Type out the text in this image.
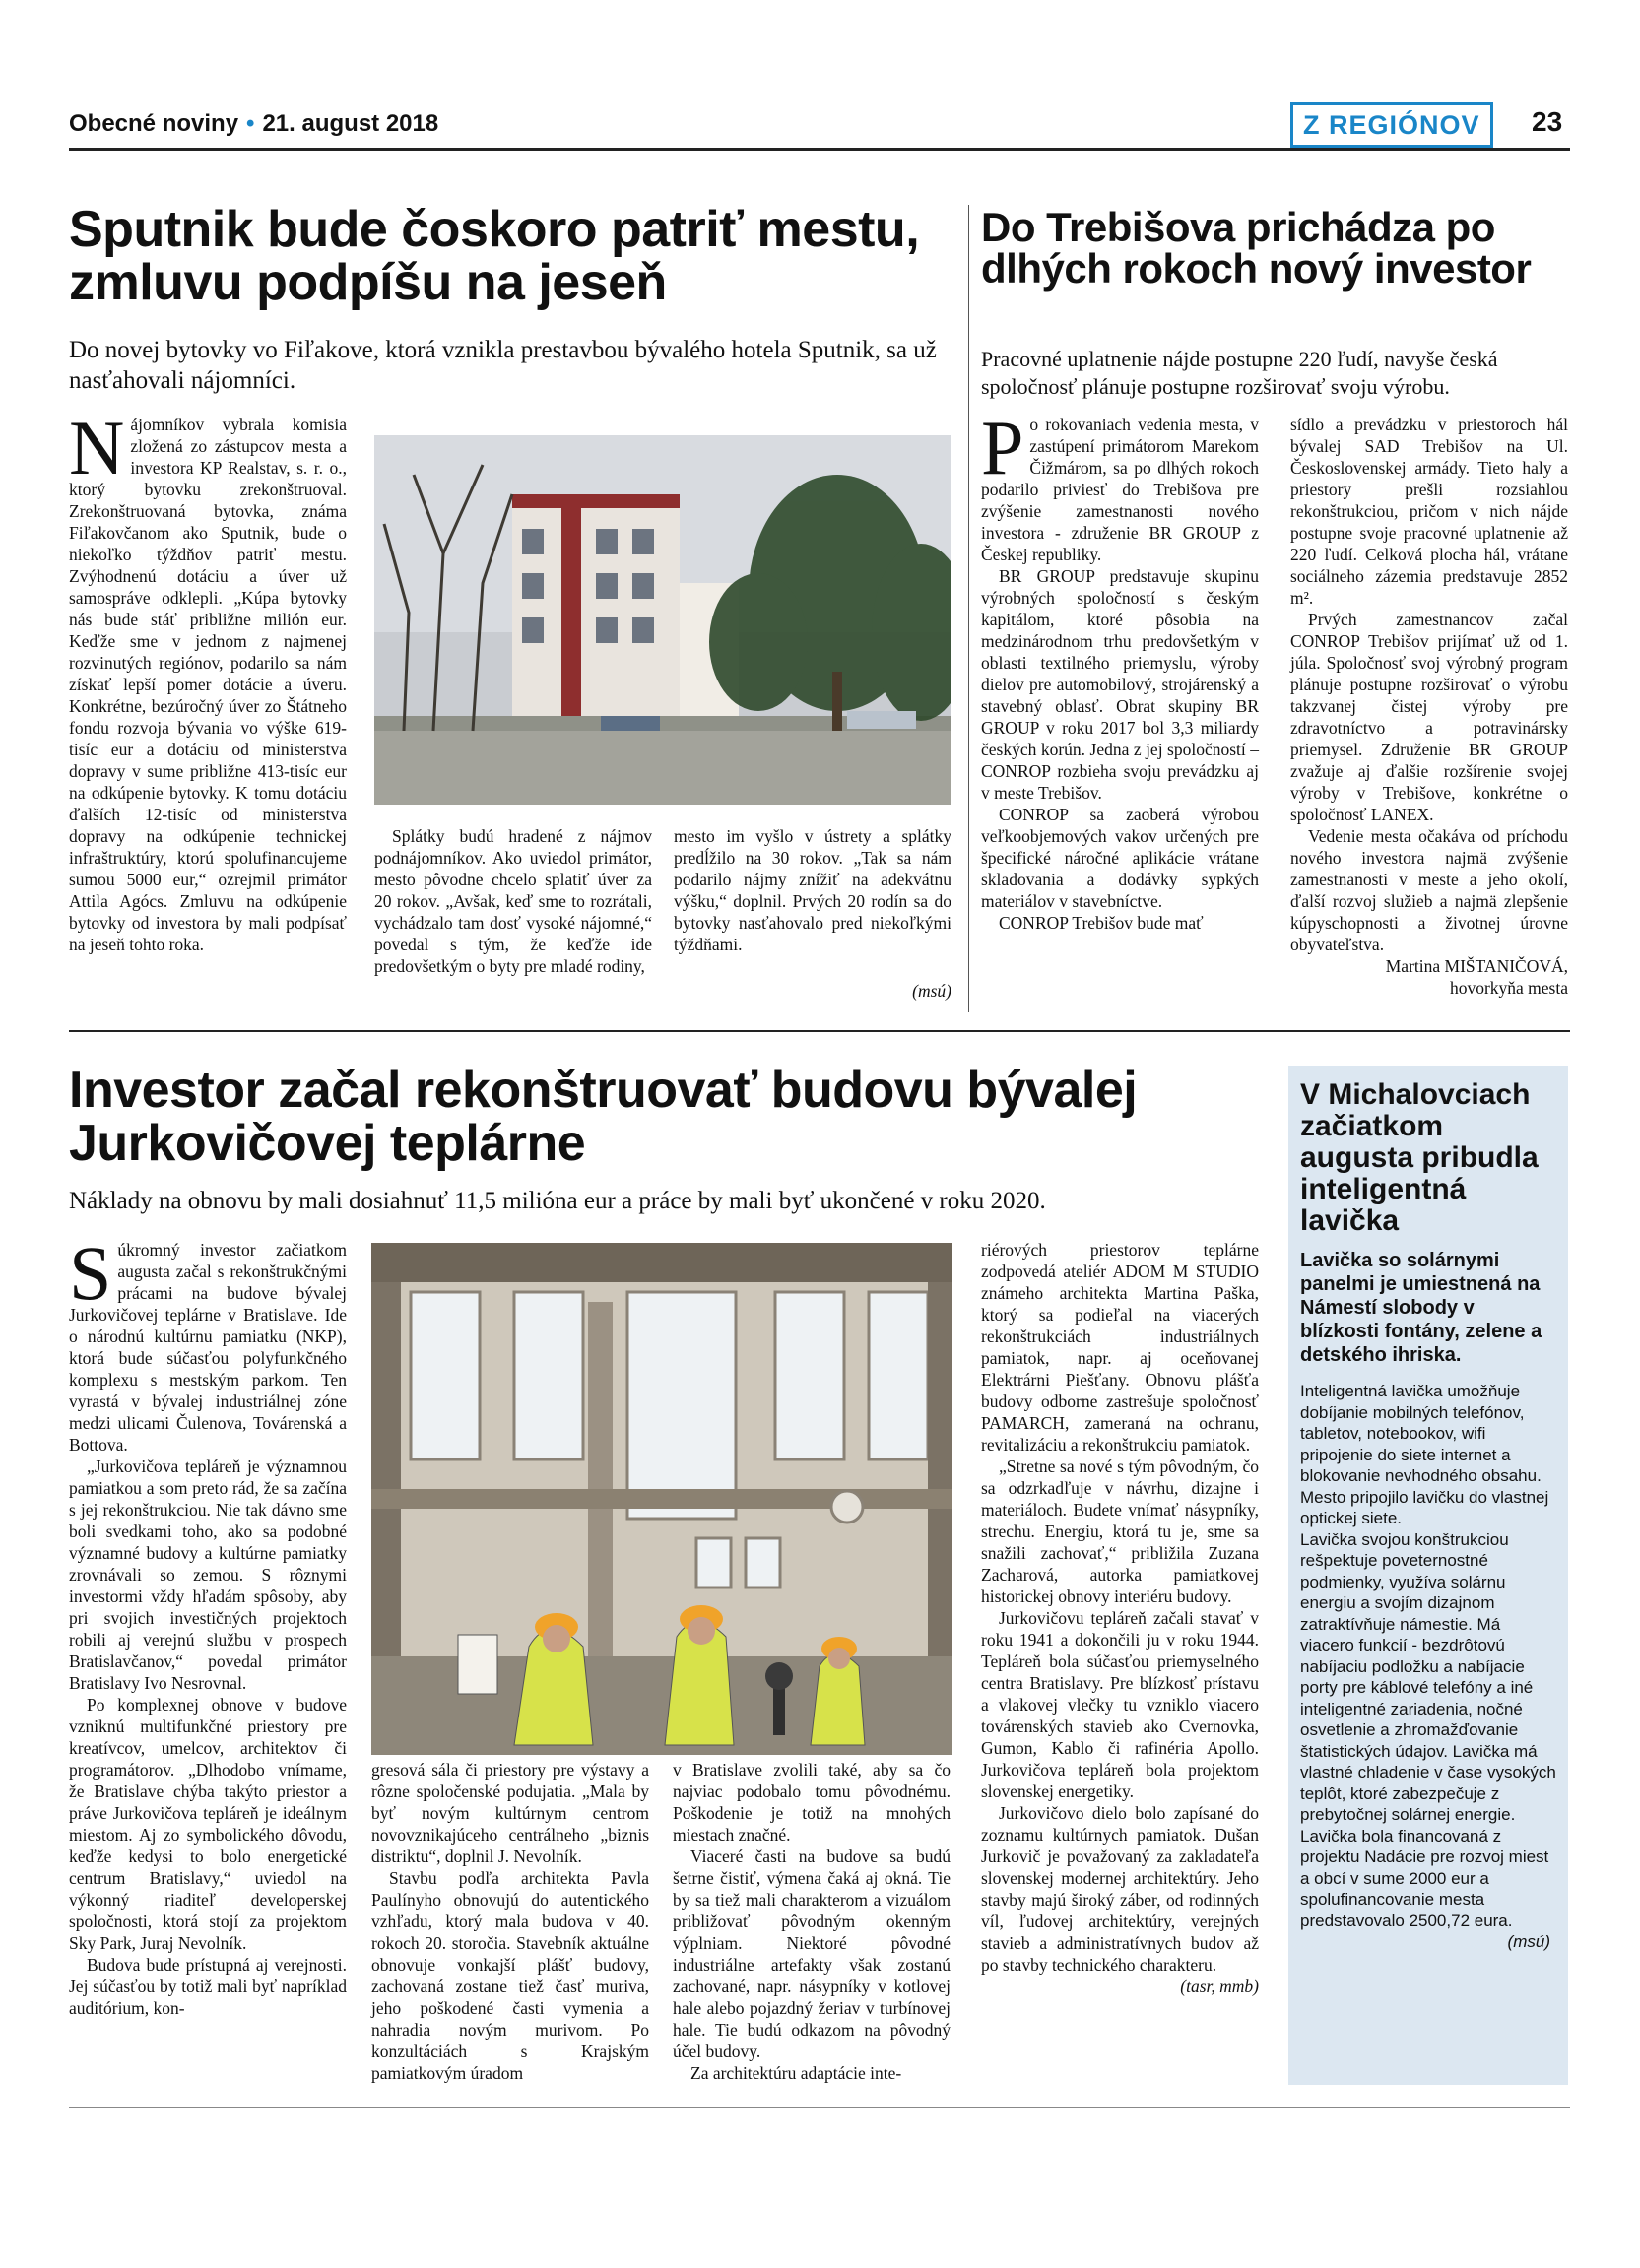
Obecné noviny • 21. august 2018	Z REGIÓNOV	23
Sputnik bude čoskoro patriť mestu, zmluvu podpíšu na jeseň
Do novej bytovky vo Fiľakove, ktorá vznikla prestavbou bývalého hotela Sputnik, sa už nasťahovali nájomníci.
N ájomníkov vybrala komisia zložená zo zástupcov mesta a investora KP Realstav, s. r. o., ktorý bytovku zrekonštruoval. Zrekonštruovaná bytovka, známa Fiľakovčanom ako Sputnik, bude o niekoľko týždňov patriť mestu. Zvýhodnenú dotáciu a úver už samospráve odklepli. „Kúpa bytovky nás bude stáť približne milión eur. Keďže sme v jednom z najmenej rozvinutých regiónov, podarilo sa nám získať lepší pomer dotácie a úveru. Konkrétne, bezúročný úver zo Štátneho fondu rozvoja bývania vo výške 619-tisíc eur a dotáciu od ministerstva dopravy v sume približne 413-tisíc eur na odkúpenie bytovky. K tomu dotáciu ďalších 12-tisíc od ministerstva dopravy na odkúpenie technickej infraštruktúry, ktorú spolufinancujeme sumou 5000 eur,“ ozrejmil primátor Attila Agócs. Zmluvu na odkúpenie bytovky od investora by mali podpísať na jeseň tohto roka.

Splátky budú hradené z nájmov podnájomníkov. Ako uviedol primátor, mesto pôvodne chcelo splatiť úver za 20 rokov. „Avšak, keď sme to rozrátali, vychádzalo tam dosť vysoké nájomné,“ povedal s tým, že keďže ide predovšetkým o byty pre mladé rodiny,

mesto im vyšlo v ústrety a splátky predĺžilo na 30 rokov. „Tak sa nám podarilo nájmy znížiť na adekvátnu výšku,“ doplnil. Prvých 20 rodín sa do bytovky nasťahovalo pred niekoľkými týždňami.

(msú)
Do Trebišova prichádza po dlhých rokoch nový investor
Pracovné uplatnenie nájde postupne 220 ľudí, navyše česká spoločnosť plánuje postupne rozširovať svoju výrobu.
P o rokovaniach vedenia mesta, v zastúpení primátorom Marekom Čižmárom, sa po dlhých rokoch podarilo priviesť do Trebišova pre zvýšenie zamestnanosti nového investora - združenie BR GROUP z Českej republiky.

BR GROUP predstavuje skupinu výrobných spoločností s českým kapitálom, ktoré pôsobia na medzinárodnom trhu predovšetkým v oblasti textilného priemyslu, výroby dielov pre automobilový, strojárenský a stavebný oblasť. Obrat skupiny BR GROUP v roku 2017 bol 3,3 miliardy českých korún. Jedna z jej spoločností – CONROP rozbieha svoju prevádzku aj v meste Trebišov.

CONROP sa zaoberá výrobou veľkoobjemových vakov určených pre špecifické náročné aplikácie vrátane skladovania a dodávky sypkých materiálov v stavebníctve.

CONROP Trebišov bude mať

sídlo a prevádzku v priestoroch hál bývalej SAD Trebišov na Ul. Československej armády. Tieto haly a priestory prešli rozsiahlou rekonštrukciou, pričom v nich nájde postupne svoje pracovné uplatnenie až 220 ľudí. Celková plocha hál, vrátane sociálneho zázemia predstavuje 2852 m².

Prvých zamestnancov začal CONROP Trebišov prijímať už od 1. júla. Spoločnosť svoj výrobný program plánuje postupne rozširovať o výrobu takzvanej čistej výroby pre zdravotníctvo a potravinársky priemysel. Združenie BR GROUP zvažuje aj ďalšie rozšírenie svojej výroby v Trebišove, konkrétne o spoločnosť LANEX.

Vedenie mesta očakáva od príchodu nového investora najmä zvýšenie zamestnanosti v meste a jeho okolí, ďalší rozvoj služieb a najmä zlepšenie kúpyschopnosti a životnej úrovne obyvateľstva.

Martina MIŠTANIČOVÁ,
hovorkyňa mesta
Investor začal rekonštruovať budovu bývalej Jurkovičovej teplárne
Náklady na obnovu by mali dosiahnuť 11,5 milióna eur a práce by mali byť ukončené v roku 2020.
S úkromný investor začiatkom augusta začal s rekonštrukčnými prácami na budove bývalej Jurkovičovej teplárne v Bratislave. Ide o národnú kultúrnu pamiatku (NKP), ktorá bude súčasťou polyfunkčného komplexu s mestským parkom. Ten vyrastá v bývalej industriálnej zóne medzi ulicami Čulenova, Továrenská a Bottova.

„Jurkovičova tepláreň je významnou pamiatkou a som preto rád, že sa začína s jej rekonštrukciou. Nie tak dávno sme boli svedkami toho, ako sa podobné významné budovy a kultúrne pamiatky zrovnávali so zemou. S rôznymi investormi vždy hľadám spôsoby, aby pri svojich investičných projektoch robili aj verejnú službu v prospech Bratislavčanov,“ povedal primátor Bratislavy Ivo Nesrovnal.

Po komplexnej obnove v budove vzniknú multifunkčné priestory pre kreatívcov, umelcov, architektov či programátorov. „Dlhodobo vnímame, že Bratislave chýba takýto priestor a práve Jurkovičova tepláreň je ideálnym miestom. Aj zo symbolického dôvodu, keďže kedysi to bolo energetické centrum Bratislavy,“ uviedol na výkonný riaditeľ developerskej spoločnosti, ktorá stojí za projektom Sky Park, Juraj Nevolník.

Budova bude prístupná aj verejnosti. Jej súčasťou by totiž mali byť napríklad auditórium, kon-

gresová sála či priestory pre výstavy a rôzne spoločenské podujatia. „Mala by byť novým kultúrnym centrom novovznikajúceho centrálneho „biznis distriktu“, doplnil J. Nevolník.

Stavbu podľa architekta Pavla Paulínyho obnovujú do autentického vzhľadu, ktorý mala budova v 40. rokoch 20. storočia. Stavebník aktuálne obnovuje vonkajší plášť budovy, zachovaná zostane tiež časť muriva, jeho poškodené časti vymenia a nahradia novým murivom. Po konzultáciách s Krajským pamiatkovým úradom

v Bratislave zvolili také, aby sa čo najviac podobalo tomu pôvodnému. Poškodenie je totiž na mnohých miestach značné.

Viaceré časti na budove sa budú šetrne čistiť, výmena čaká aj okná. Tie by sa tiež mali charakterom a vizuálom približovať pôvodným okenným výplniam. Niektoré pôvodné industriálne artefakty však zostanú zachované, napr. násypníky v kotlovej hale alebo pojazdný žeriav v turbínovej hale. Tie budú odkazom na pôvodný účel budovy.

Za architektúru adaptácie inte-

riérových priestorov teplárne zodpovedá ateliér ADOM M STUDIO známeho architekta Martina Paška, ktorý sa podieľal na viacerých rekonštrukciách industriálnych pamiatok, napr. aj oceňovanej Elektrárni Piešťany. Obnovu plášťa budovy odborne zastrešuje spoločnosť PAMARCH, zameraná na ochranu, revitalizáciu a rekonštrukciu pamiatok.

„Stretne sa nové s tým pôvodným, čo sa odzrkadľuje v návrhu, dizajne i materiáloch. Budete vnímať násypníky, strechu. Energiu, ktorá tu je, sme sa snažili zachovať,“ približila Zuzana Zacharová, autorka pamiatkovej historickej obnovy interiéru budovy.

Jurkovičovu tepláreň začali stavať v roku 1941 a dokončili ju v roku 1944. Tepláreň bola súčasťou priemyselného centra Bratislavy. Pre blízkosť prístavu a vlakovej vlečky tu vzniklo viacero továrenských stavieb ako Cvernovka, Gumon, Kablo či rafinéria Apollo. Jurkovičova tepláreň bola projektom slovenskej energetiky.

Jurkovičovo dielo bolo zapísané do zoznamu kultúrnych pamiatok. Dušan Jurkovič je považovaný za zakladateľa slovenskej modernej architektúry. Jeho stavby majú široký záber, od rodinných víl, ľudovej architektúry, verejných stavieb a administratívnych budov až po stavby technického charakteru.

(tasr, mmb)
V Michalovciach začiatkom augusta pribudla inteligentná lavička
Lavička so solárnymi panelmi je umiestnená na Námestí slobody v blízkosti fontány, zelene a detského ihriska.

Inteligentná lavička umožňuje dobíjanie mobilných telefónov, tabletov, notebookov, wifi pripojenie do siete internet a blokovanie nevhodného obsahu. Mesto pripojilo lavičku do vlastnej optickej siete.

Lavička svojou konštrukciou rešpektuje poveternostné podmienky, využíva solárnu energiu a svojím dizajnom zatraktívňuje námestie. Má viacero funkcií - bezdrôtovú nabíjaciu podložku a nabíjacie porty pre káblové telefóny a iné inteligentné zariadenia, nočné osvetlenie a zhromažďovanie štatistických údajov. Lavička má vlastné chladenie v čase vysokých teplôt, ktoré zabezpečuje z prebytočnej solárnej energie.

Lavička bola financovaná z projektu Nadácie pre rozvoj miest a obcí v sume 2000 eur a spolufinancovanie mesta predstavovalo 2500,72 eura.

(msú)
